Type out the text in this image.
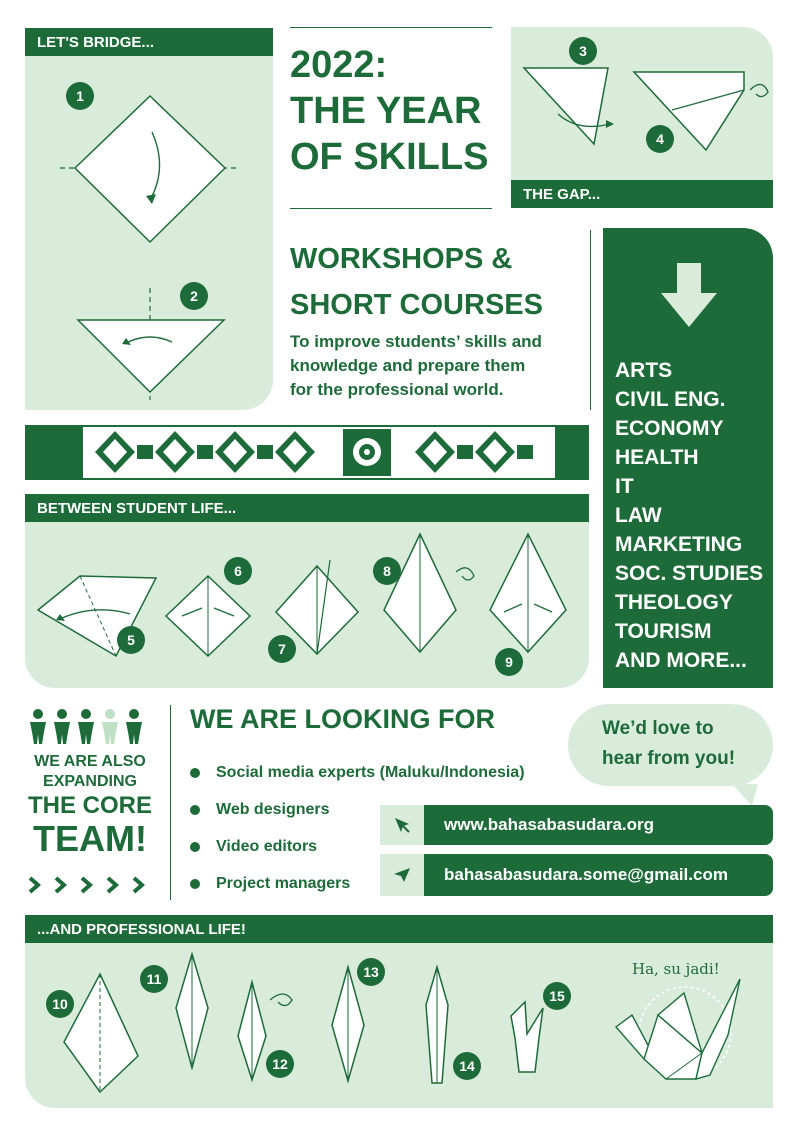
LET'S BRIDGE...
1
2
2022:
THE YEAR
OF SKILLS
3
4
THE GAP...
WORKSHOPS &
SHORT COURSES
To improve students’ skills and
knowledge and prepare them
for the professional world.
ARTS
CIVIL ENG.
ECONOMY
HEALTH
IT
LAW
MARKETING
SOC. STUDIES
THEOLOGY
TOURISM
AND MORE...
BETWEEN STUDENT LIFE...
5
6
7
8
9
WE ARE ALSO
EXPANDING
THE CORE
TEAM!
WE ARE LOOKING FOR
Social media experts (Maluku/Indonesia)
Web designers
Video editors
Project managers
We’d love to
hear from you!
www.bahasabasudara.org
bahasabasudara.some@gmail.com
...AND PROFESSIONAL LIFE!
10
11
12
13
14
15
Ha, su jadi!
